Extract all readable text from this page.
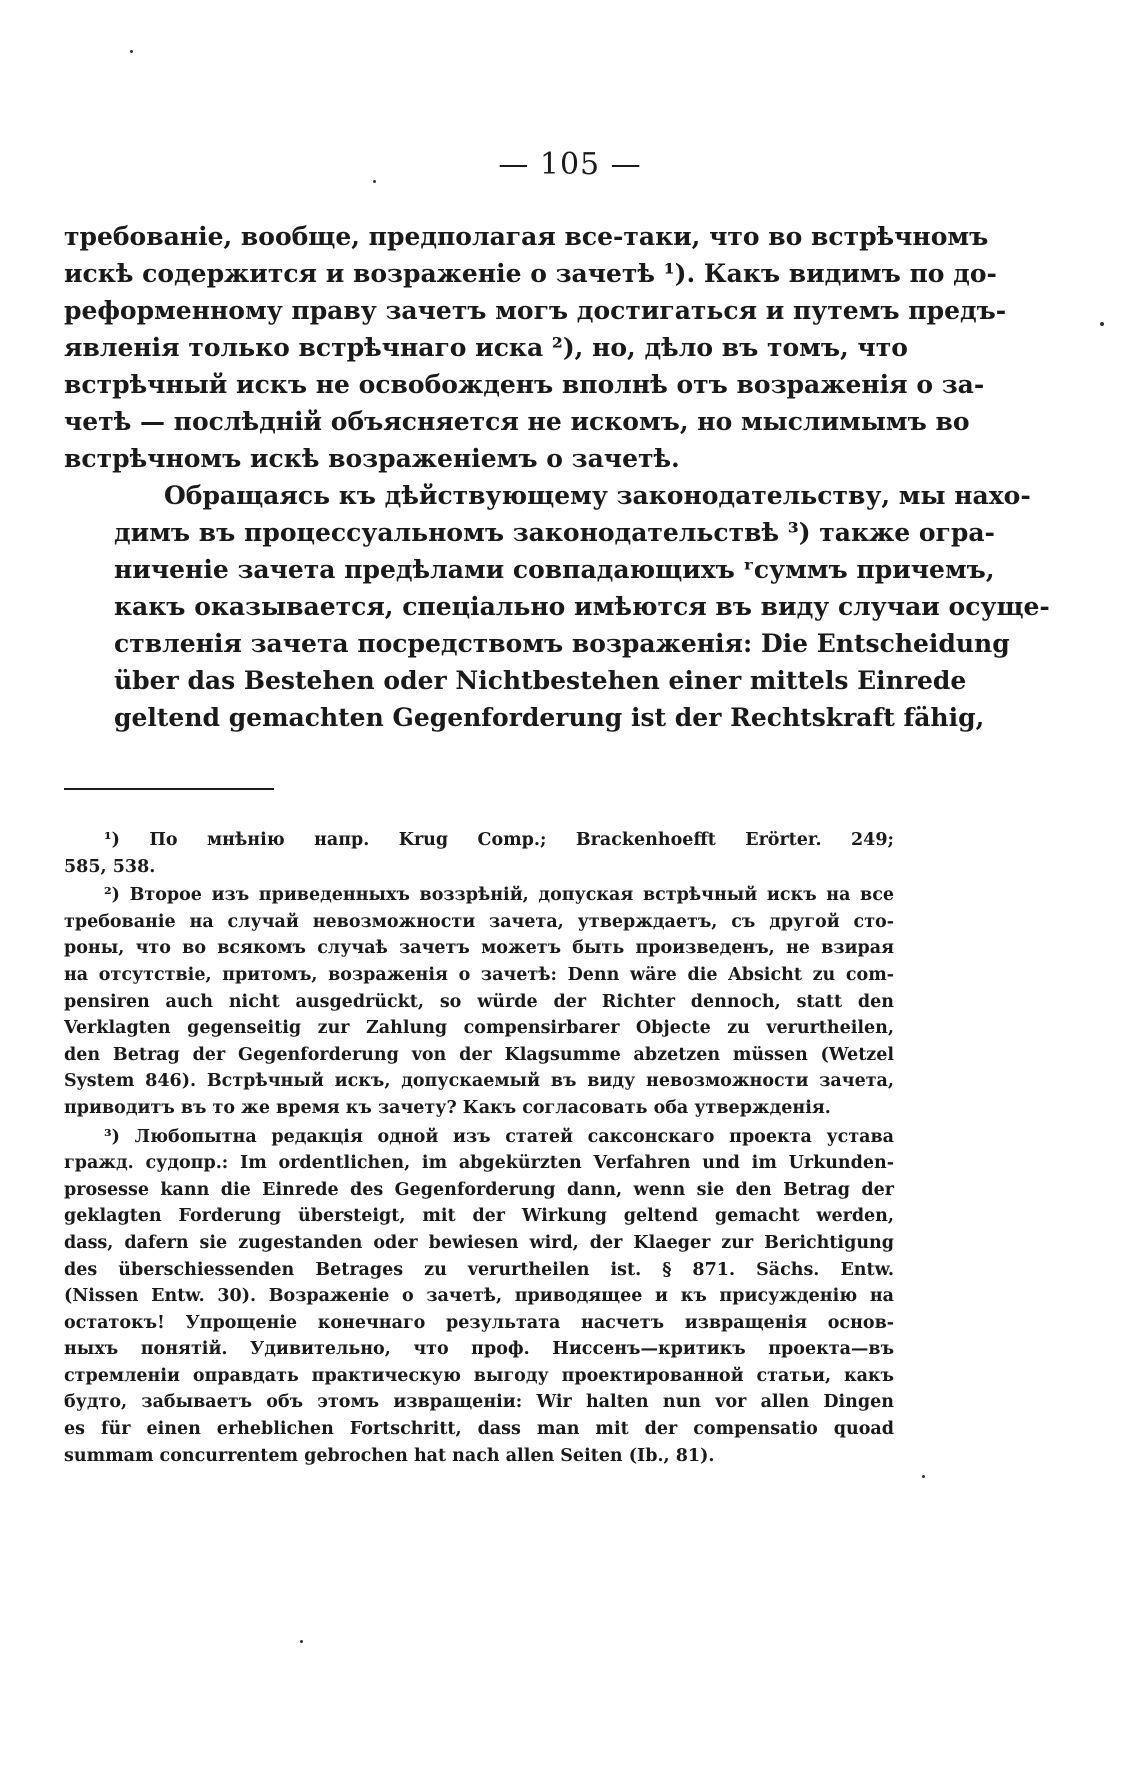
— 105 —

требованіе, вообще, предполагая все-таки, что во встрѣчномъ
искѣ содержится и возраженіе о зачетѣ ¹). Какъ видимъ по до-
реформенному праву зачетъ могъ достигаться и путемъ предъ-
явленія только встрѣчнаго иска ²), но, дѣло въ томъ, что
встрѣчный искъ не освобожденъ вполнѣ отъ возраженія о за-
четѣ — послѣдній объясняется не искомъ, но мыслимымъ во
встрѣчномъ искѣ возраженіемъ о зачетѣ.

Обращаясь къ дѣйствующему законодательству, мы нахо-
димъ въ процессуальномъ законодательствѣ ³) также огра-
ниченіе зачета предѣлами совпадающихъ ʳсуммъ причемъ,
какъ оказывается, спеціально имѣются въ виду случаи осуще-
ствленія зачета посредствомъ возраженія: Die Entscheidung
über das Bestehen oder Nichtbestehen einer mittels Einrede
geltend gemachten Gegenforderung ist der Rechtskraft fähig,

¹) По мнѣнію напр. Krug Comp.; Brackenhoefft Erörter. 249;
585, 538.

²) Второе изъ приведенныхъ воззрѣній, допуская встрѣчный искъ на все
требованіе на случай невозможности зачета, утверждаетъ, съ другой сто-
роны, что во всякомъ случаѣ зачетъ можетъ быть произведенъ, не взирая
на отсутствіе, притомъ, возраженія о зачетѣ: Denn wäre die Absicht zu com-
pensiren auch nicht ausgedrückt, so würde der Richter dennoch, statt den
Verklagten gegenseitig zur Zahlung compensirbarer Objecte zu verurtheilen,
den Betrag der Gegenforderung von der Klagsumme abzetzen müssen (Wetzel
System 846). Встрѣчный искъ, допускаемый въ виду невозможности зачета,
приводитъ въ то же время къ зачету? Какъ согласовать оба утвержденія.

³) Любопытна редакція одной изъ статей саксонскаго проекта устава
гражд. судопр.: Im ordentlichen, im abgekürzten Verfahren und im Urkunden-
prosesse kann die Einrede des Gegenforderung dann, wenn sie den Betrag der
geklagten Forderung übersteigt, mit der Wirkung geltend gemacht werden,
dass, dafern sie zugestanden oder bewiesen wird, der Klaeger zur Berichtigung
des überschiessenden Betrages zu verurtheilen ist. § 871. Sächs. Entw.
(Nissen Entw. 30). Возраженіе о зачетѣ, приводящее и къ присужденію на
остатокъ! Упрощеніе конечнаго результата насчетъ извращенія основ-
ныхъ понятій. Удивительно, что проф. Нисcенъ—критикъ проекта—въ
стремленіи оправдать практическую выгоду проектированной статьи, какъ
будто, забываетъ объ этомъ извращеніи: Wir halten nun vor allen Dingen
es für einen erheblichen Fortschritt, dass man mit der compensatio quoad
summam concurrentem gebrochen hat nach allen Seiten (Ib., 81).
